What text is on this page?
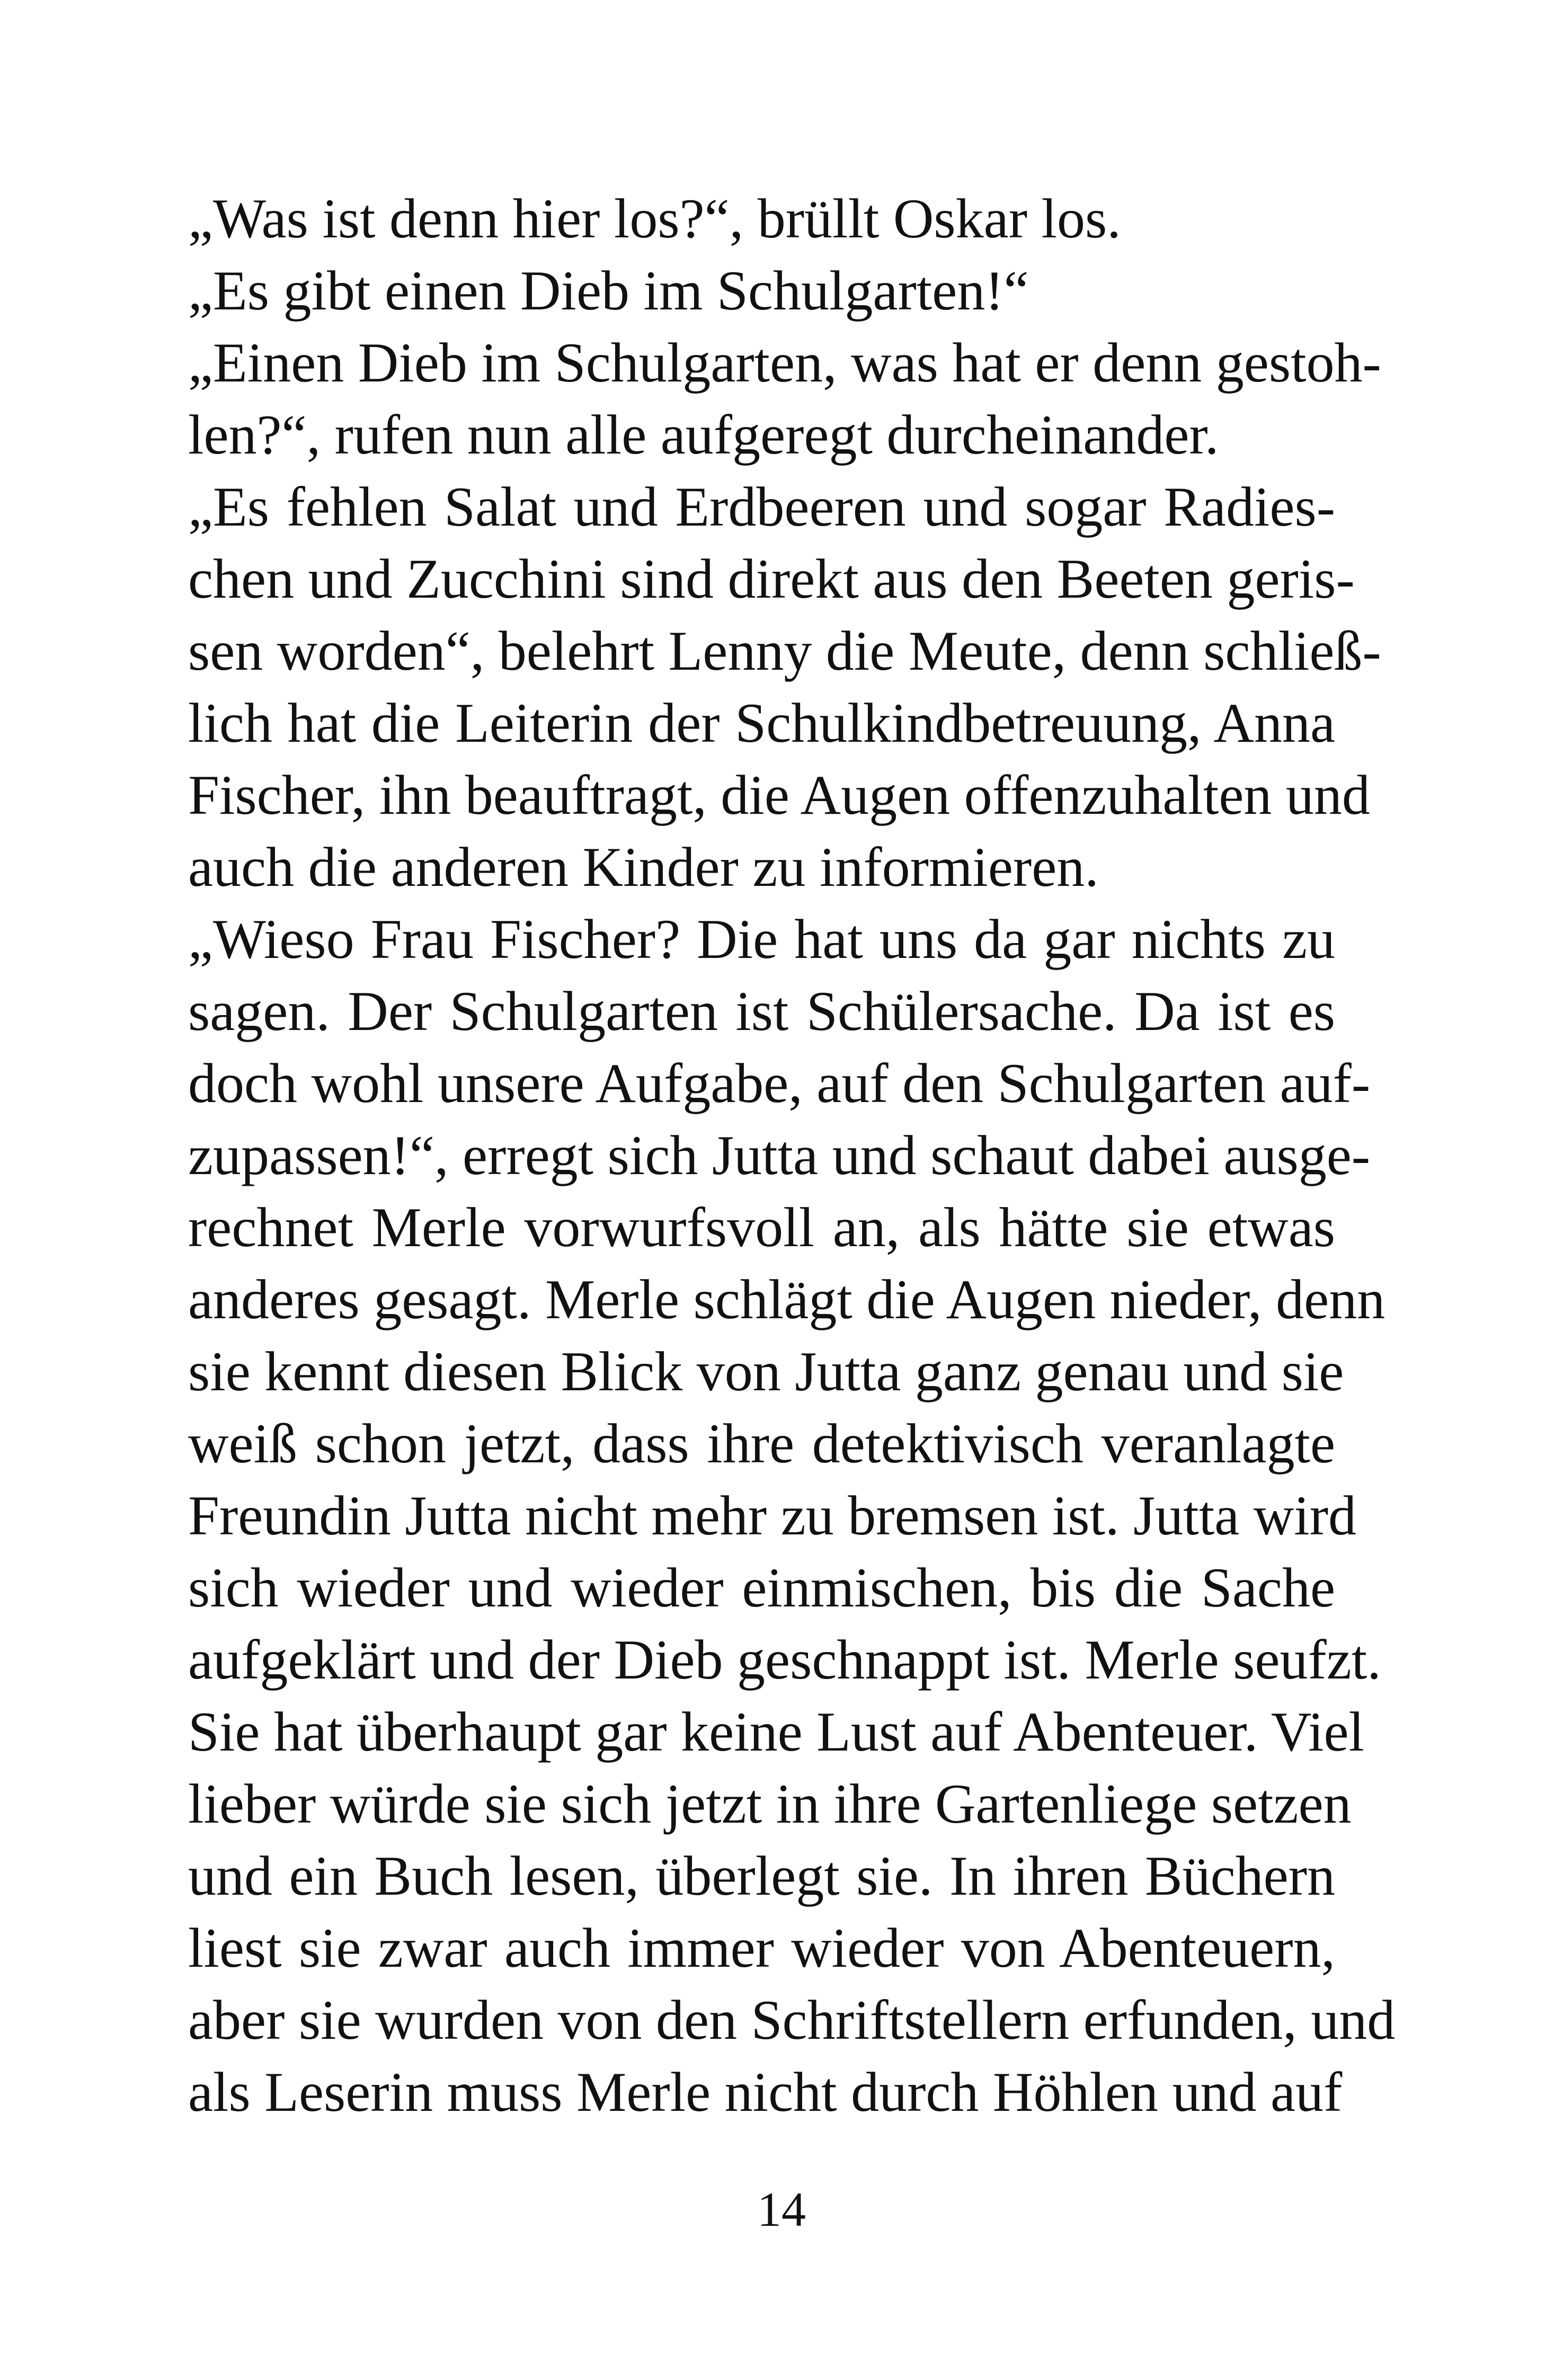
„Was ist denn hier los?“, brüllt Oskar los.
„Es gibt einen Dieb im Schulgarten!“
„Einen Dieb im Schulgarten, was hat er denn gestoh-
len?“, rufen nun alle aufgeregt durcheinander.
„Es fehlen Salat und Erdbeeren und sogar Radies-
chen und Zucchini sind direkt aus den Beeten geris-
sen worden“, belehrt Lenny die Meute, denn schließ-
lich hat die Leiterin der Schulkindbetreuung, Anna
Fischer, ihn beauftragt, die Augen offenzuhalten und
auch die anderen Kinder zu informieren.
„Wieso Frau Fischer? Die hat uns da gar nichts zu
sagen. Der Schulgarten ist Schülersache. Da ist es
doch wohl unsere Aufgabe, auf den Schulgarten auf-
zupassen!“, erregt sich Jutta und schaut dabei ausge-
rechnet Merle vorwurfsvoll an, als hätte sie etwas
anderes gesagt. Merle schlägt die Augen nieder, denn
sie kennt diesen Blick von Jutta ganz genau und sie
weiß schon jetzt, dass ihre detektivisch veranlagte
Freundin Jutta nicht mehr zu bremsen ist. Jutta wird
sich wieder und wieder einmischen, bis die Sache
aufgeklärt und der Dieb geschnappt ist. Merle seufzt.
Sie hat überhaupt gar keine Lust auf Abenteuer. Viel
lieber würde sie sich jetzt in ihre Gartenliege setzen
und ein Buch lesen, überlegt sie. In ihren Büchern
liest sie zwar auch immer wieder von Abenteuern,
aber sie wurden von den Schriftstellern erfunden, und
als Leserin muss Merle nicht durch Höhlen und auf
14
